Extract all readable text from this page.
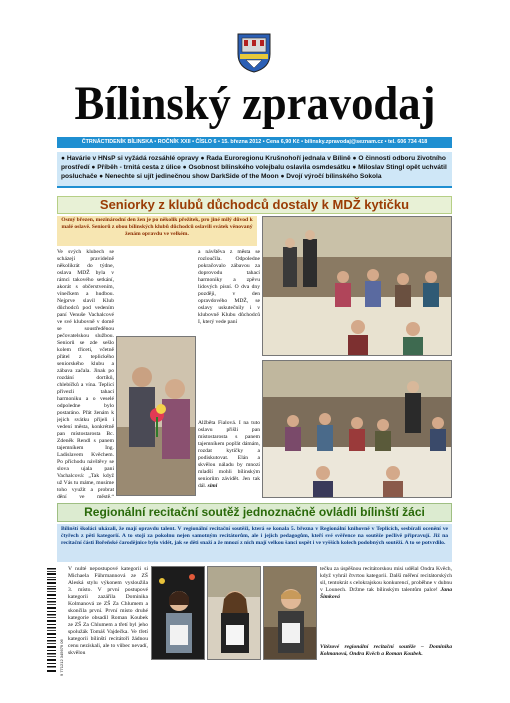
Bílinský zpravodaj
ČTRNÁCTIDENÍK BÍLINSKA • ROČNÍK XXII • ČÍSLO 6 • 15. března 2012 • Cena 6,90 Kč • bilinsky.zpravodaj@seznam.cz • tel. 606 734 418
● Havárie v HNsP si vyžádá rozsáhlé opravy ● Rada Euroregionu Krušnohoří jednala v Bílině ● O činnosti odboru životního prostředí ● Příběh - trnitá cesta z úlice ● Osobnost bílinského volejbalu oslavila osmdesátku ● Miloslav Stingl opět uchvátil posluchače ● Nenechte si ujít jedinečnou show DarkSide of the Moon ● Dvojí výročí bílinského Sokola
Seniorky z klubů důchodců dostaly k MDŽ kytičku
Osmý březen, mezinárodní den žen je po několik přežitek, pro jiné milý důvod k malé oslavě. Seniorů z obou bílinských klubů důchodců oslavili svátek věnovaný ženám opravdu ve velkém.
Ve svých klubech se scházejí pravidelně několikrát do týdne, oslava MDŽ byla v rámci takového setkání, akorát s občerstvením, vínečkem a hudbou. Nejprve slavil Klub důchodců pod vedením paní Venuše Vachalcové ve své klubovně v domě se soustředěnou pečovatelskou službou. Seniorů se zde sešlo kolem třiceti, včetně přátel z teplického seniorského klubu a zábava začala. Jinak po rozdání dortíků, chlebíčků a vína. Teplicí přivezli tahací harmoniku a o veselé odpoledne bylo postaráno. Přát ženám k jejich svátku přijeli i vedení města, konkrétně pan místostarosta Bc. Zdeněk Rendl s panem tajemníkem Ing. Ladislavem Kvěchem. Po příchodu návštěvy se slova ujala paní Vachalcová: „Tak když už Vás tu máme, musíme toho využít a probrat dění ve městě.“
a návštěva z města se rozloučila. Odpoledne pokračovalo zábavou za doprovodu tahací harmoniky a zpěvu lidových písní. O dva dny později, v den opravdového MDŽ, se oslavy uskutečnily i v klubovně Klubu důchodců I, který vede paní
Alžběta Fialová. I na tuto oslavu přišli pan místostarosta s panem tajemníkem popřát dámám, rozdat kytičky a podiskutovat. Elán a skvělou náladu by mnozí mladší mohli bílinským seniorům závidět. Jen tak dál. simi
Regionální recitační soutěž jednoznačně ovládli bílinští žáci
Bílinští školáci ukázali, že mají opravdu talent. V regionální recitační soutěži, která se konala 5. března v Regionální knihovně v Teplicích, sesbírali ocenění ve čtyřech z pěti kategorií. A to stojí za pokolnu nejen samotným recitátorům, ale i jejich pedagogům, kteří své svěřence na soutěže pečlivě připravují. Již na recitační části Bořeňské čarodějnice bylo vidět, jak se děti snaží a že mnozí z nich mají velkou šanci uspět i ve vyšších kolech podobných soutěží. A to se potvrdilo.
9 771212 345679 06
V nulté nepostupové kategorii si Michaela Führmannová ze ZŠ Aleská stylu výkonem vysloužila 3. místo. V první postupové kategorii zazářila Dominika Kolmanová ze ZŠ Za Chlumem a skončila první. První místo druhé kategorie obsadil Roman Koubek ze ZŠ Za Chlumem a třetí byl jeho spolužák Tomáš Vajdečka. Ve třetí kategorii bílinští recitátoři žádnou cenu nezískali, ale to vůbec nevadí, skvělou
tečku za úspěšnou recitátorskou misi udělal Ondra Kvěch, když vyhrál čtvrtou kategorii. Další měření recitátorských sil, tentokrát s celokrajskou konkurencí, proběhne v dubnu v Lounech. Držme tak bílinským talentům palce! Jana Šimková
Vítězové regionální recitační soutěže – Dominika Kolmanová, Ondra Kvěch a Roman Koubek.
